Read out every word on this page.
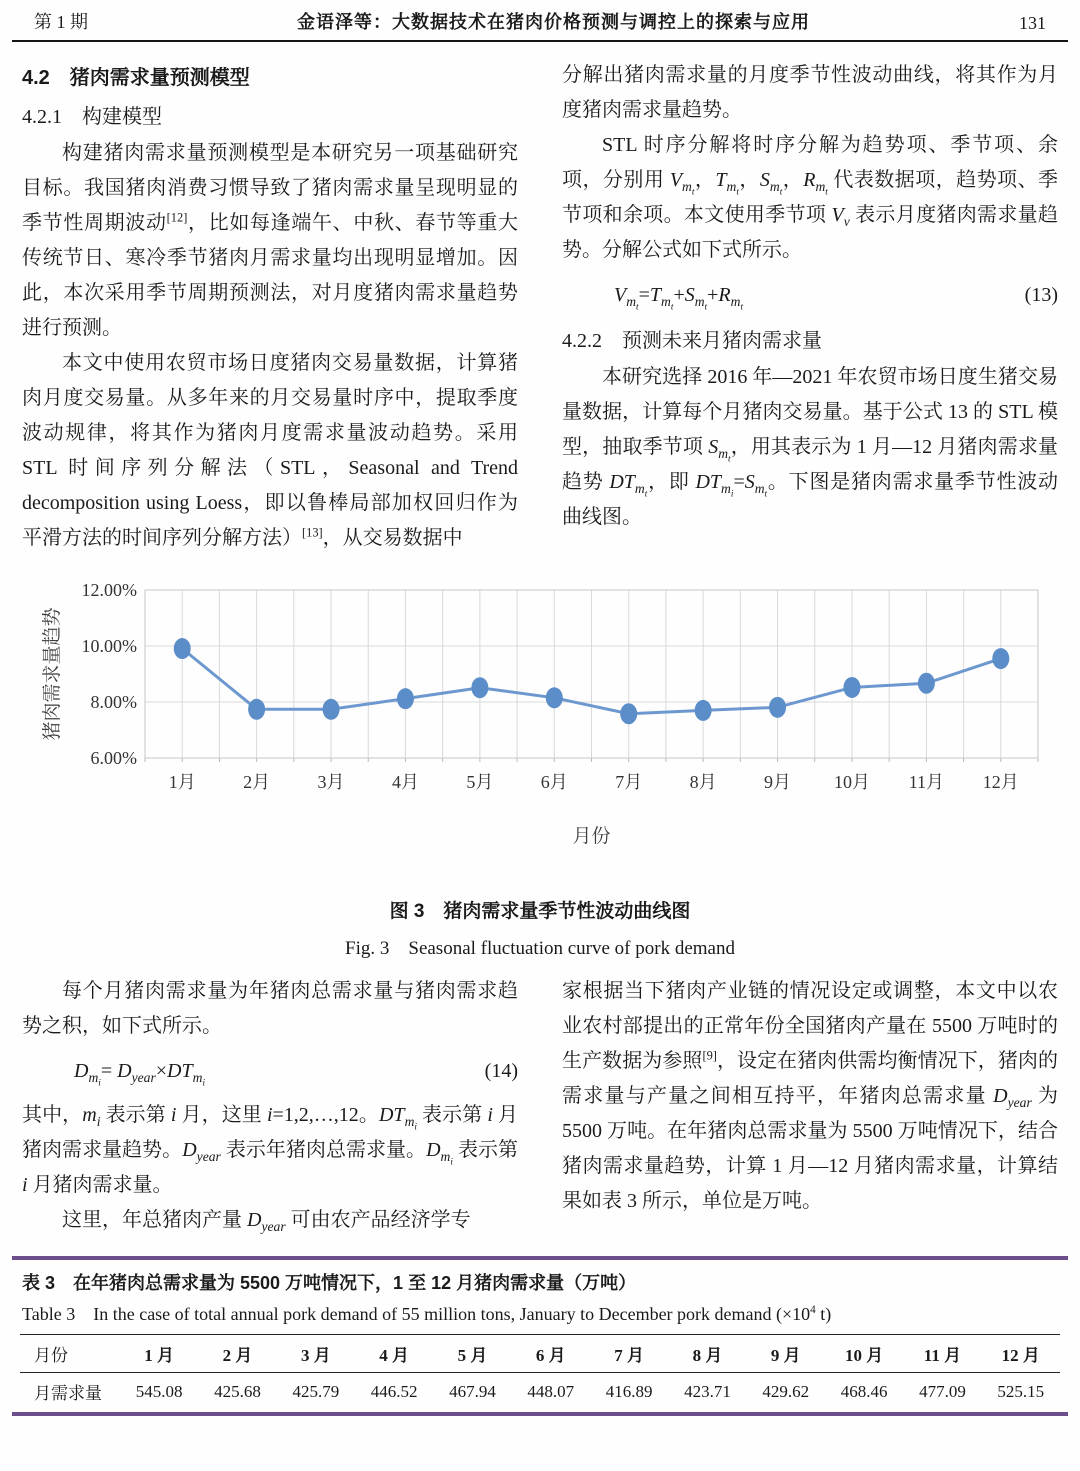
第 1 期	金语泽等：大数据技术在猪肉价格预测与调控上的探索与应用	131
4.2　猪肉需求量预测模型
4.2.1　构建模型

构建猪肉需求量预测模型是本研究另一项基础研究目标。我国猪肉消费习惯导致了猪肉需求量呈现明显的季节性周期波动[12]，比如每逢端午、中秋、春节等重大传统节日、寒冷季节猪肉月需求量均出现明显增加。因此，本次采用季节周期预测法，对月度猪肉需求量趋势进行预测。

本文中使用农贸市场日度猪肉交易量数据，计算猪肉月度交易量。从多年来的月交易量时序中，提取季度波动规律，将其作为猪肉月度需求量波动趋势。采用 STL 时间序列分解法（STL，Seasonal and Trend decomposition using Loess，即以鲁棒局部加权回归作为平滑方法的时间序列分解方法）[13]，从交易数据中

分解出猪肉需求量的月度季节性波动曲线，将其作为月度猪肉需求量趋势。

STL 时序分解将时序分解为趋势项、季节项、余项，分别用 $V_{m_t}$，$T_{m_t}$，$S_{m_t}$，$R_{m_t}$ 代表数据项，趋势项、季节项和余项。本文使用季节项 $V_v$ 表示月度猪肉需求量趋势。分解公式如下式所示。

$V_{m_t}=T_{m_t}+S_{m_t}+R_{m_t}$
(13)
4.2.2　预测未来月猪肉需求量

本研究选择 2016 年—2021 年农贸市场日度生猪交易量数据，计算每个月猪肉交易量。基于公式 13 的 STL 模型，抽取季节项 $S_{m_t}$，用其表示为 1 月—12 月猪肉需求量趋势 $DT_{m_t}$，即 $DT_{m_i}=S_{m_t}$。下图是猪肉需求量季节性波动曲线图。

12.00%
10.00%
8.00%
6.00%
1月	2月	3月	4月	5月	6月	7月	8月	9月 10月 11月 12月
月份
猪肉需求量趋势
图 3　猪肉需求量季节性波动曲线图
Fig. 3　Seasonal fluctuation curve of pork demand

每个月猪肉需求量为年猪肉总需求量与猪肉需求趋势之积，如下式所示。

$D_{m_i}= D_{year}\times DT_{m_i}$
(14)

其中，$m_i$ 表示第 i 月，这里 i=1,2,…,12。$DT_{m_i}$ 表示第 i 月猪肉需求量趋势。$D_{year}$ 表示年猪肉总需求量。$D_{m_i}$ 表示第 i 月猪肉需求量。

这里，年总猪肉产量 $D_{year}$ 可由农产品经济学专

家根据当下猪肉产业链的情况设定或调整，本文中以农业农村部提出的正常年份全国猪肉产量在 5500 万吨时的生产数据为参照[9]，设定在猪肉供需均衡情况下，猪肉的需求量与产量之间相互持平，年猪肉总需求量 $D_{year}$ 为 5500 万吨。在年猪肉总需求量为 5500 万吨情况下，结合猪肉需求量趋势，计算 1 月—12 月猪肉需求量，计算结果如表 3 所示，单位是万吨。

表 3　在年猪肉总需求量为 5500 万吨情况下，1 至 12 月猪肉需求量（万吨）
Table 3　In the case of total annual pork demand of 55 million tons, January to December pork demand ($\times 10^4$ t)
月份	1 月	2 月	3 月	4 月	5 月	6 月	7 月	8 月	9 月	10 月	11 月	12 月
月需求量	545.08	425.68	425.79	446.52	467.94	448.07	416.89	423.71	429.62	468.46	477.09	525.15
